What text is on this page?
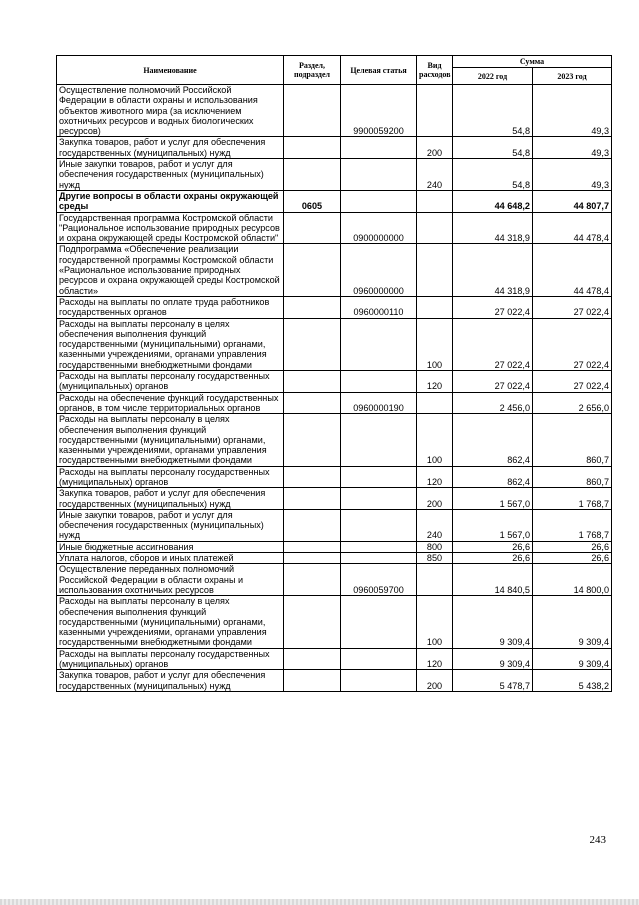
Наименование	Раздел, подраздел	Целевая статья	Вид расходов	Сумма	
				2022 год	2023 год
Осуществление полномочий Российской Федерации в области охраны и использования объектов животного мира (за исключением охотничьих ресурсов и водных биологических ресурсов)		9900059200		54,8	49,3
Закупка товаров, работ и услуг для обеспечения государственных (муниципальных) нужд			200	54,8	49,3
Иные закупки товаров, работ и услуг для обеспечения государственных (муниципальных) нужд			240	54,8	49,3
Другие вопросы в области охраны окружающей среды	0605			44 648,2	44 807,7
Государственная программа Костромской области "Рациональное использование природных ресурсов и охрана окружающей среды Костромской области"		0900000000		44 318,9	44 478,4
Подпрограмма «Обеспечение реализации государственной программы Костромской области «Рациональное использование природных ресурсов и охрана окружающей среды Костромской области»		0960000000		44 318,9	44 478,4
Расходы на выплаты по оплате труда работников государственных органов		0960000110		27 022,4	27 022,4
Расходы на выплаты персоналу в целях обеспечения выполнения функций государственными (муниципальными) органами, казенными учреждениями, органами управления государственными внебюджетными фондами			100	27 022,4	27 022,4
Расходы на выплаты персоналу государственных (муниципальных) органов			120	27 022,4	27 022,4
Расходы на обеспечение функций государственных органов, в том числе территориальных органов		0960000190		2 456,0	2 656,0
Расходы на выплаты персоналу в целях обеспечения выполнения функций государственными (муниципальными) органами, казенными учреждениями, органами управления государственными внебюджетными фондами			100	862,4	860,7
Расходы на выплаты персоналу государственных (муниципальных) органов			120	862,4	860,7
Закупка товаров, работ и услуг для обеспечения государственных (муниципальных) нужд			200	1 567,0	1 768,7
Иные закупки товаров, работ и услуг для обеспечения государственных (муниципальных) нужд			240	1 567,0	1 768,7
Иные бюджетные ассигнования			800	26,6	26,6
Уплата налогов, сборов и иных платежей			850	26,6	26,6
Осуществление переданных полномочий Российской Федерации в области охраны и использования охотничьих ресурсов		0960059700		14 840,5	14 800,0
Расходы на выплаты персоналу в целях обеспечения выполнения функций государственными (муниципальными) органами, казенными учреждениями, органами управления государственными внебюджетными фондами			100	9 309,4	9 309,4
Расходы на выплаты персоналу государственных (муниципальных) органов			120	9 309,4	9 309,4
Закупка товаров, работ и услуг для обеспечения государственных (муниципальных) нужд			200	5 478,7	5 438,2
243
